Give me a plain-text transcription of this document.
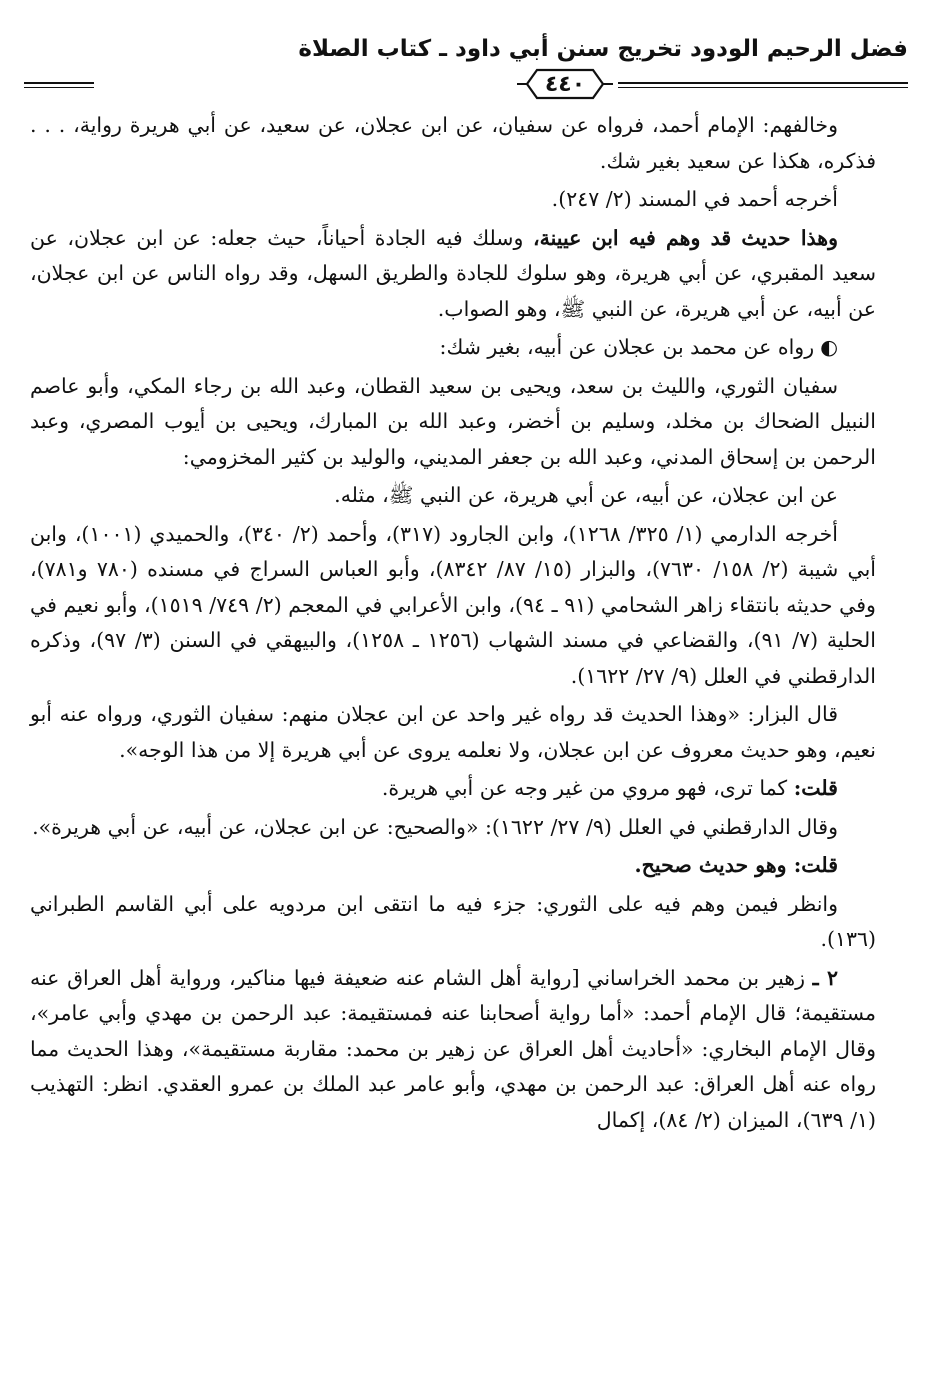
فضل الرحيم الودود تخريج سنن أبي داود ـ كتاب الصلاة
٤٤٠

وخالفهم: الإمام أحمد، فرواه عن سفيان، عن ابن عجلان، عن سعيد، عن أبي هريرة رواية، . . . فذكره، هكذا عن سعيد بغير شك.

أخرجه أحمد في المسند (٢/ ٢٤٧).

وهذا حديث قد وهم فيه ابن عيينة، وسلك فيه الجادة أحياناً، حيث جعله: عن ابن عجلان، عن سعيد المقبري، عن أبي هريرة، وهو سلوك للجادة والطريق السهل، وقد رواه الناس عن ابن عجلان، عن أبيه، عن أبي هريرة، عن النبي ﷺ، وهو الصواب.

◐رواه عن محمد بن عجلان عن أبيه، بغير شك:

سفيان الثوري، والليث بن سعد، ويحيى بن سعيد القطان، وعبد الله بن رجاء المكي، وأبو عاصم النبيل الضحاك بن مخلد، وسليم بن أخضر، وعبد الله بن المبارك، ويحيى بن أيوب المصري، وعبد الرحمن بن إسحاق المدني، وعبد الله بن جعفر المديني، والوليد بن كثير المخزومي:

عن ابن عجلان، عن أبيه، عن أبي هريرة، عن النبي ﷺ، مثله.

أخرجه الدارمي (١/ ٣٢٥/ ١٢٦٨)، وابن الجارود (٣١٧)، وأحمد (٢/ ٣٤٠)، والحميدي (١٠٠١)، وابن أبي شيبة (٢/ ١٥٨/ ٧٦٣٠)، والبزار (١٥/ ٨٧/ ٨٣٤٢)، وأبو العباس السراج في مسنده (٧٨٠ و٧٨١)، وفي حديثه بانتقاء زاهر الشحامي (٩١ ـ ٩٤)، وابن الأعرابي في المعجم (٢/ ٧٤٩/ ١٥١٩)، وأبو نعيم في الحلية (٧/ ٩١)، والقضاعي في مسند الشهاب (١٢٥٦ ـ ١٢٥٨)، والبيهقي في السنن (٣/ ٩٧)، وذكره الدارقطني في العلل (٩/ ٢٧/ ١٦٢٢).

قال البزار: «وهذا الحديث قد رواه غير واحد عن ابن عجلان منهم: سفيان الثوري، ورواه عنه أبو نعيم، وهو حديث معروف عن ابن عجلان، ولا نعلمه يروى عن أبي هريرة إلا من هذا الوجه».

قلت: كما ترى، فهو مروي من غير وجه عن أبي هريرة.

وقال الدارقطني في العلل (٩/ ٢٧/ ١٦٢٢): «والصحيح: عن ابن عجلان، عن أبيه، عن أبي هريرة».

قلت: وهو حديث صحيح.

وانظر فيمن وهم فيه على الثوري: جزء فيه ما انتقى ابن مردويه على أبي القاسم الطبراني (١٣٦).

٢ ـ زهير بن محمد الخراساني [رواية أهل الشام عنه ضعيفة فيها مناكير، ورواية أهل العراق عنه مستقيمة؛ قال الإمام أحمد: «أما رواية أصحابنا عنه فمستقيمة: عبد الرحمن بن مهدي وأبي عامر»، وقال الإمام البخاري: «أحاديث أهل العراق عن زهير بن محمد: مقاربة مستقيمة»، وهذا الحديث مما رواه عنه أهل العراق: عبد الرحمن بن مهدي، وأبو عامر عبد الملك بن عمرو العقدي. انظر: التهذيب (١/ ٦٣٩)، الميزان (٢/ ٨٤)، إكمال
